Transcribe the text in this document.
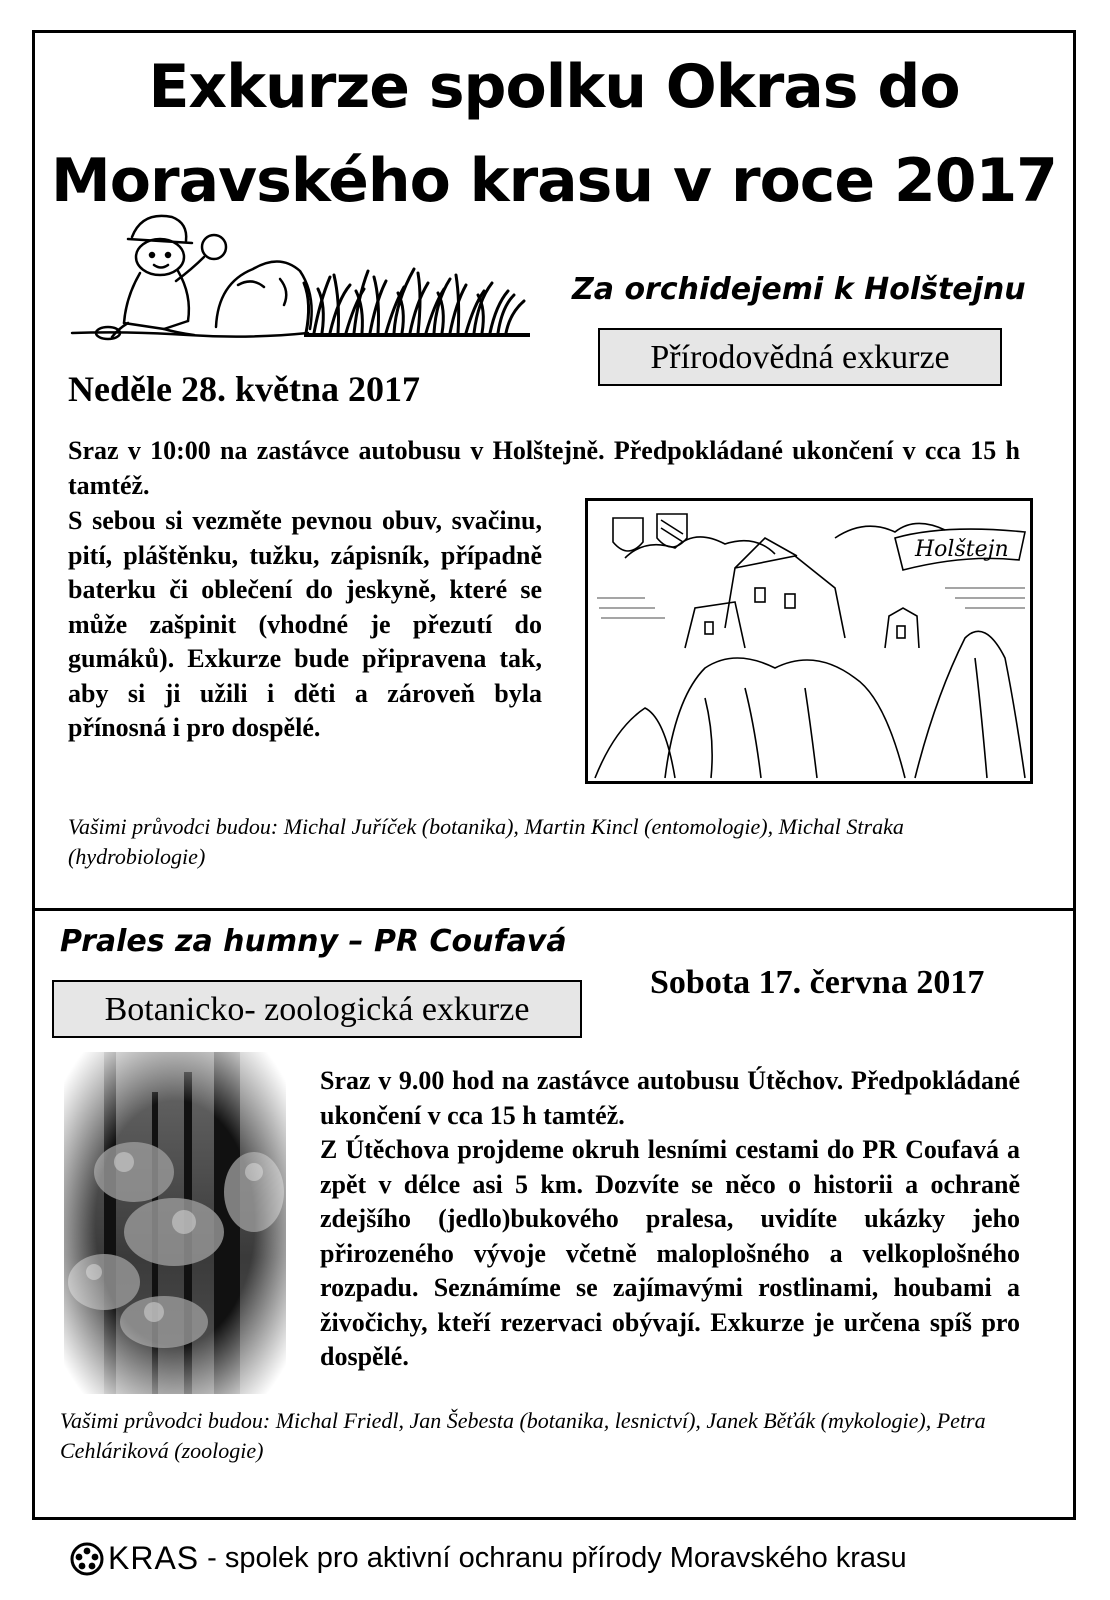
Exkurze spolku Okras do
Moravského krasu v roce 2017
Za orchidejemi k Holštejnu
Přírodovědná exkurze
Neděle 28. května 2017

Sraz v 10:00 na zastávce autobusu v Holštejně. Předpokládané ukončení v cca 15 h tamtéž.

S sebou si vezměte pevnou obuv, svačinu, pití, pláštěnku, tužku, zápisník, případně baterku či oblečení do jeskyně, které se může zašpinit (vhodné je přezutí do gumáků). Exkurze bude připravena tak, aby si ji užili i děti a zároveň byla přínosná i pro dospělé.

Holštejn

Vašimi průvodci budou: Michal Juříček (botanika), Martin Kincl (entomologie), Michal Straka (hydrobiologie)

Prales za humny – PR Coufavá
Sobota 17. června 2017
Botanicko- zoologická exkurze

Sraz v 9.00 hod na zastávce autobusu Útěchov. Předpokládané ukončení v cca 15 h tamtéž.

Z Útěchova projdeme okruh lesními cestami do PR Coufavá a zpět v délce asi 5 km. Dozvíte se něco o historii a ochraně zdejšího (jedlo)bukového pralesa, uvidíte ukázky jeho přirozeného vývoje včetně maloplošného a velkoplošného rozpadu. Seznámíme se zajímavými rostlinami, houbami a živočichy, kteří rezervaci obývají. Exkurze je určena spíš pro dospělé.

Vašimi průvodci budou: Michal Friedl, Jan Šebesta (botanika, lesnictví), Janek Běťák (mykologie), Petra Cehláriková (zoologie)

KRAS - spolek pro aktivní ochranu přírody Moravského krasu
